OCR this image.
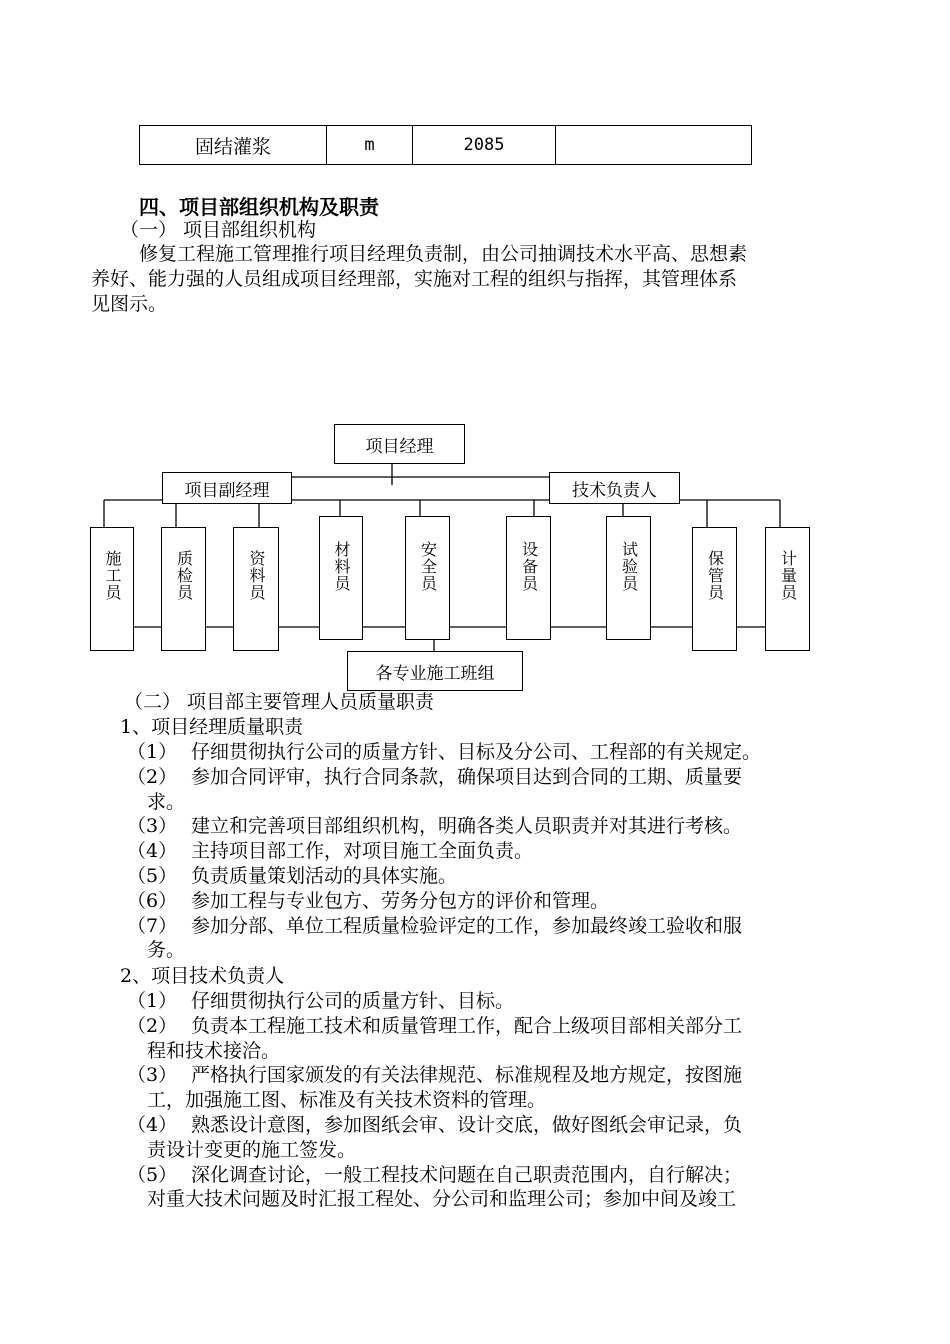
固结灌浆	m	2085	
四、项目部组织机构及职责
（一） 项目部组织机构
修复工程施工管理推行项目经理负责制，由公司抽调技术水平高、思想素
养好、能力强的人员组成项目经理部，实施对工程的组织与指挥，其管理体系
见图示。
项目经理
项目副经理	技术负责人
施工员	质检员	资料员	材料员	安全员	设备员	试验员	保管员	计量员
各专业施工班组
（二） 项目部主要管理人员质量职责
1、项目经理质量职责
（1） 仔细贯彻执行公司的质量方针、目标及分公司、工程部的有关规定。
（2） 参加合同评审，执行合同条款，确保项目达到合同的工期、质量要
求。
（3） 建立和完善项目部组织机构，明确各类人员职责并对其进行考核。
（4） 主持项目部工作，对项目施工全面负责。
（5） 负责质量策划活动的具体实施。
（6） 参加工程与专业包方、劳务分包方的评价和管理。
（7） 参加分部、单位工程质量检验评定的工作，参加最终竣工验收和服
务。
2、项目技术负责人
（1） 仔细贯彻执行公司的质量方针、目标。
（2） 负责本工程施工技术和质量管理工作，配合上级项目部相关部分工
程和技术接洽。
（3） 严格执行国家颁发的有关法律规范、标准规程及地方规定，按图施
工，加强施工图、标准及有关技术资料的管理。
（4） 熟悉设计意图，参加图纸会审、设计交底，做好图纸会审记录，负
责设计变更的施工签发。
（5） 深化调查讨论，一般工程技术问题在自己职责范围内，自行解决；
对重大技术问题及时汇报工程处、分公司和监理公司；参加中间及竣工
